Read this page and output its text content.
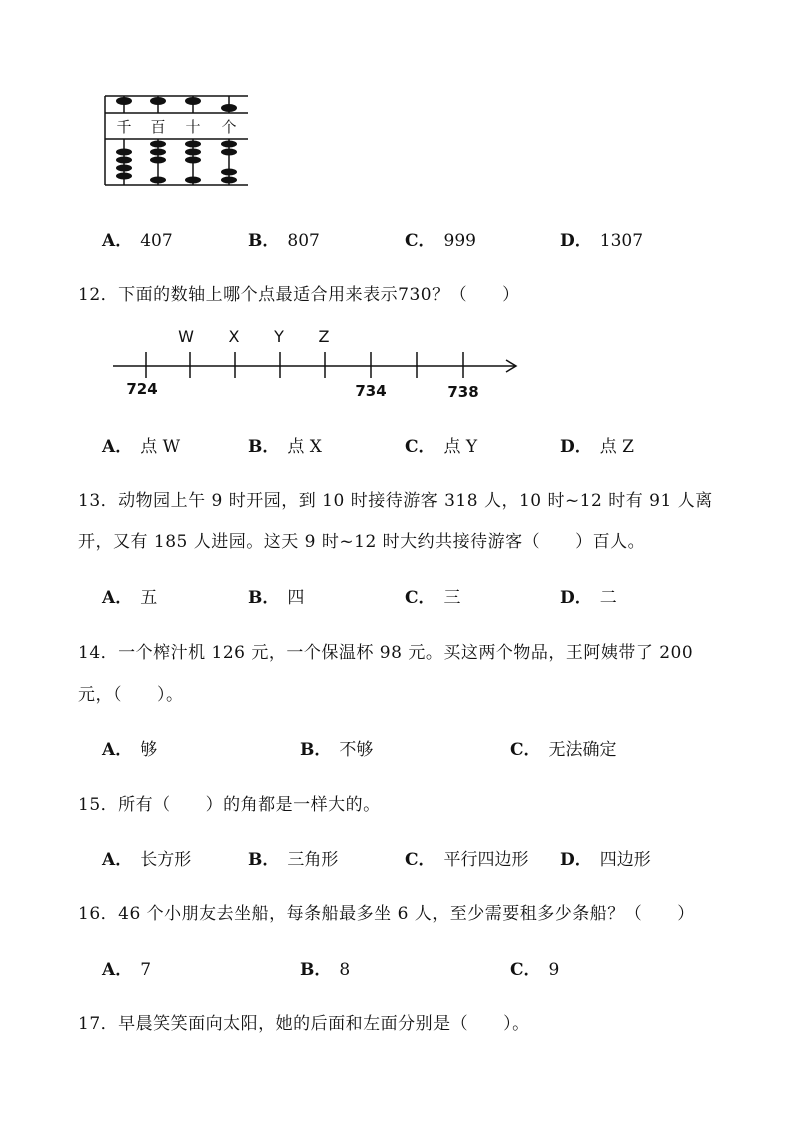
千 百 十 个
A． 407	B． 807	C． 999	D． 1307
12．下面的数轴上哪个点最适合用来表示730？（　　）
W X Y Z
724	734	738
A． 点 W	B． 点 X	C． 点 Y	D． 点 Z
13．动物园上午 9 时开园，到 10 时接待游客 318 人，10 时~12 时有 91 人离
开，又有 185 人进园。这天 9 时~12 时大约共接待游客（　　）百人。
A． 五	B． 四	C． 三	D． 二
14．一个榨汁机 126 元，一个保温杯 98 元。买这两个物品，王阿姨带了 200
元，（　　）。
A． 够	B． 不够	C． 无法确定
15．所有（　　）的角都是一样大的。
A． 长方形	B． 三角形	C． 平行四边形 D． 四边形
16．46 个小朋友去坐船，每条船最多坐 6 人，至少需要租多少条船？（　　）
A． 7	B． 8	C． 9
17．早晨笑笑面向太阳，她的后面和左面分别是（　　）。
